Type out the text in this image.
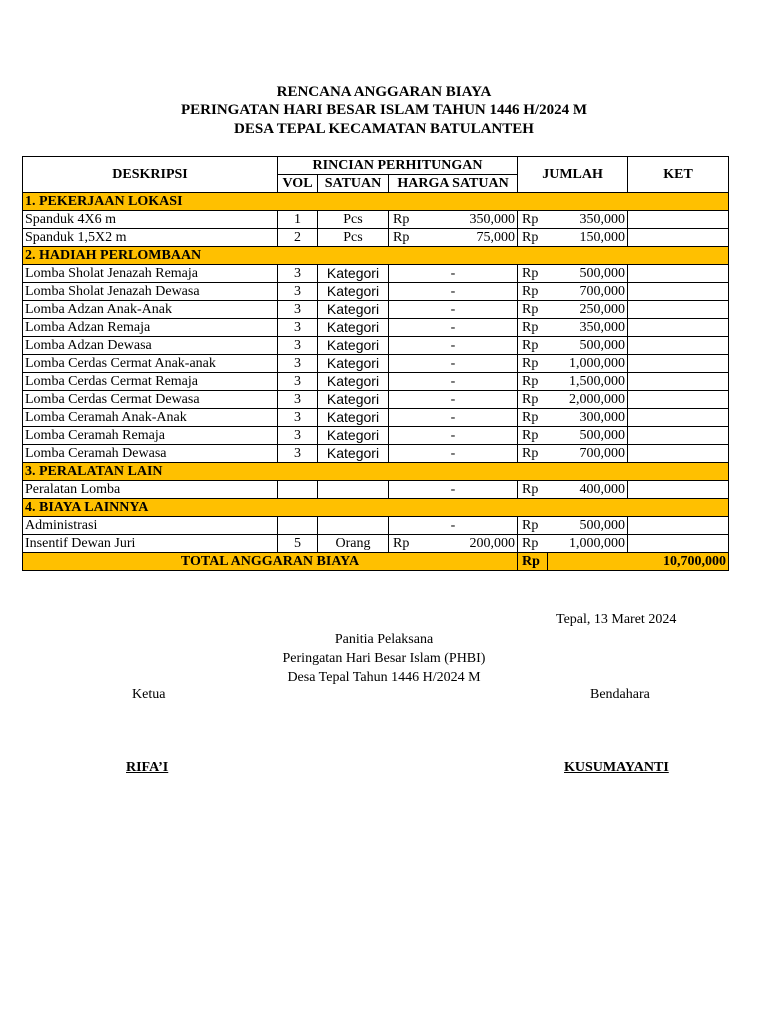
RENCANA ANGGARAN BIAYA
PERINGATAN HARI BESAR ISLAM TAHUN 1446 H/2024 M
DESA TEPAL KECAMATAN BATULANTEH
DESKRIPSI	RINCIAN PERHITUNGAN				JUMLAH		KET
	VOL	SATUAN	HARGA SATUAN				
1. PEKERJAAN LOKASI							
Spanduk 4X6 m	1	Pcs	Rp	350,000	Rp	350,000	
Spanduk 1,5X2 m	2	Pcs	Rp	75,000	Rp	150,000	
2. HADIAH PERLOMBAAN							
Lomba Sholat Jenazah Remaja	3	Kategori	-		Rp	500,000	
Lomba Sholat Jenazah Dewasa	3	Kategori	-		Rp	700,000	
Lomba Adzan Anak-Anak	3	Kategori	-		Rp	250,000	
Lomba Adzan Remaja	3	Kategori	-		Rp	350,000	
Lomba Adzan Dewasa	3	Kategori	-		Rp	500,000	
Lomba Cerdas Cermat Anak-anak	3	Kategori	-		Rp	1,000,000	
Lomba Cerdas Cermat Remaja	3	Kategori	-		Rp	1,500,000	
Lomba Cerdas Cermat Dewasa	3	Kategori	-		Rp	2,000,000	
Lomba Ceramah Anak-Anak	3	Kategori	-		Rp	300,000	
Lomba Ceramah Remaja	3	Kategori	-		Rp	500,000	
Lomba Ceramah Dewasa	3	Kategori	-		Rp	700,000	
3. PERALATAN LAIN							
Peralatan Lomba			-		Rp	400,000	
4. BIAYA LAINNYA							
Administrasi			-		Rp	500,000	
Insentif Dewan Juri	5	Orang	Rp	200,000	Rp	1,000,000	
TOTAL ANGGARAN BIAYA					Rp	10,700,000	
Tepal, 13 Maret 2024
Panitia Pelaksana
Peringatan Hari Besar Islam (PHBI)
Desa Tepal Tahun 1446 H/2024 M
Ketua	Bendahara
RIFA’I	KUSUMAYANTI
